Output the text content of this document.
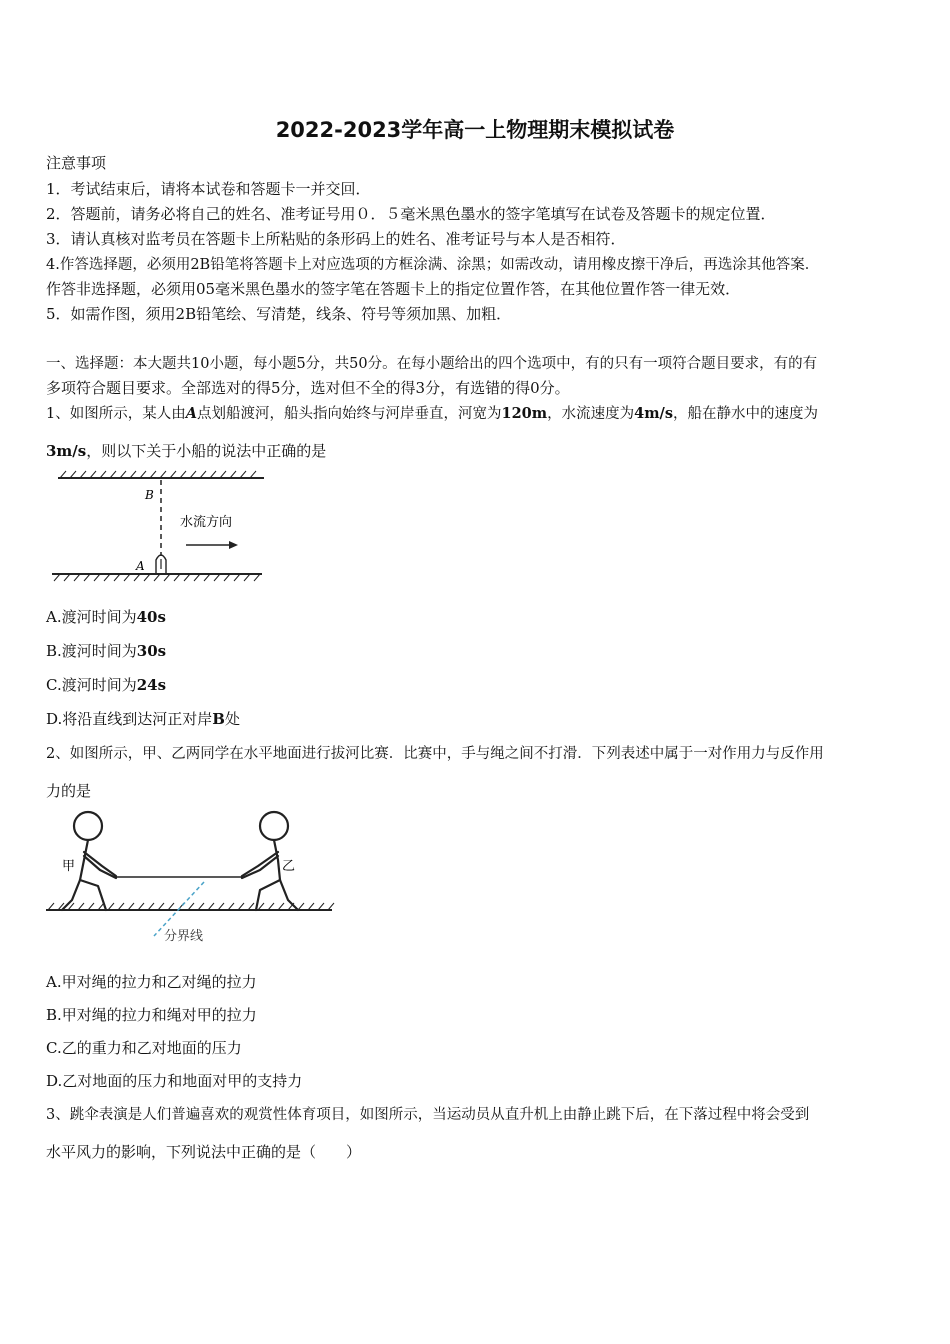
2022-2023学年高一上物理期末模拟试卷
注意事项
1．考试结束后，请将本试卷和答题卡一并交回．
2．答题前，请务必将自己的姓名、准考证号用０．５毫米黑色墨水的签字笔填写在试卷及答题卡的规定位置．
3．请认真核对监考员在答题卡上所粘贴的条形码上的姓名、准考证号与本人是否相符．
4.作答选择题，必须用2B铅笔将答题卡上对应选项的方框涂满、涂黑；如需改动，请用橡皮擦干净后，再选涂其他答案．
作答非选择题，必须用05毫米黑色墨水的签字笔在答题卡上的指定位置作答，在其他位置作答一律无效．
5．如需作图，须用2B铅笔绘、写清楚，线条、符号等须加黑、加粗．
一、选择题：本大题共10小题，每小题5分，共50分。在每小题给出的四个选项中，有的只有一项符合题目要求，有的有
多项符合题目要求。全部选对的得5分，选对但不全的得3分，有选错的得0分。
1、如图所示，某人由A点划船渡河，船头指向始终与河岸垂直，河宽为120m，水流速度为4m/s，船在静水中的速度为
3m/s，则以下关于小船的说法中正确的是
B
A
水流方向
A.渡河时间为40s
B.渡河时间为30s
C.渡河时间为24s
D.将沿直线到达河正对岸B处
2、如图所示，甲、乙两同学在水平地面进行拔河比赛．比赛中，手与绳之间不打滑．下列表述中属于一对作用力与反作用
力的是
甲	乙
分界线
A.甲对绳的拉力和乙对绳的拉力
B.甲对绳的拉力和绳对甲的拉力
C.乙的重力和乙对地面的压力
D.乙对地面的压力和地面对甲的支持力
3、跳伞表演是人们普遍喜欢的观赏性体育项目，如图所示，当运动员从直升机上由静止跳下后，在下落过程中将会受到
水平风力的影响，下列说法中正确的是（　　）
